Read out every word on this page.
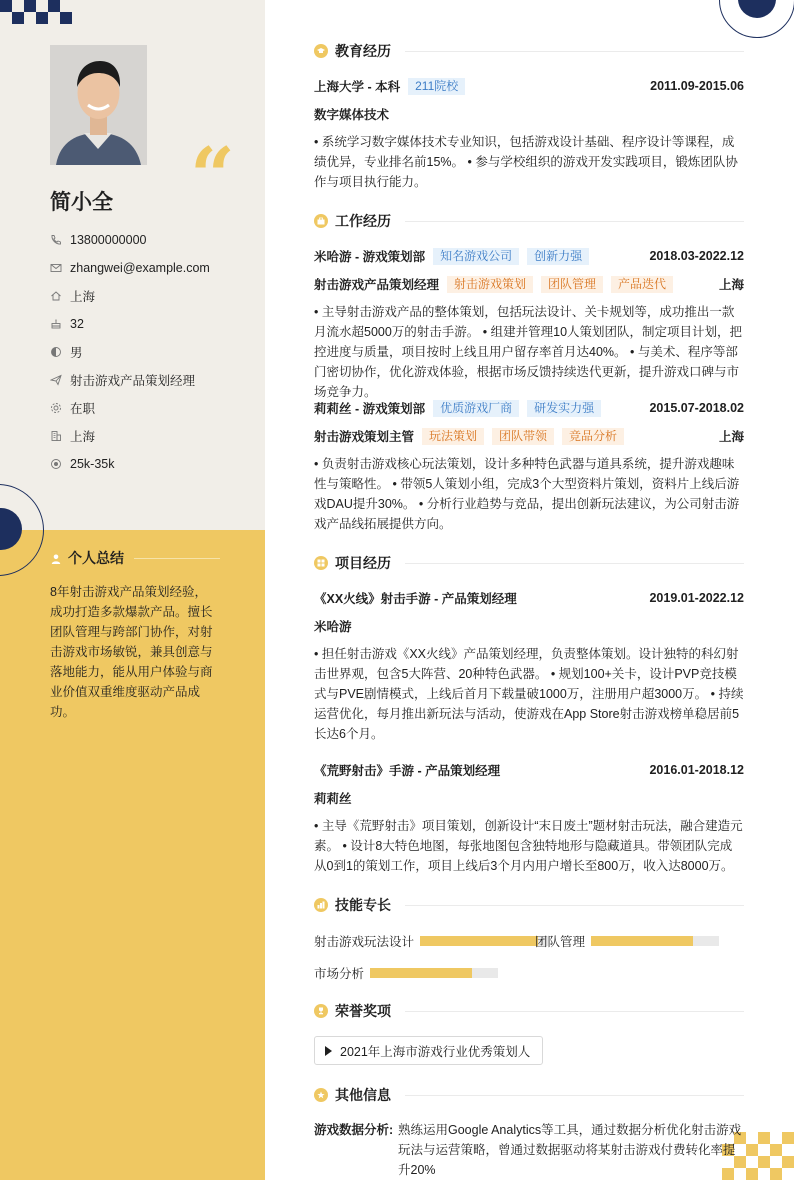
“
简小全
13800000000
zhangwei@example.com
上海
32
男
射击游戏产品策划经理
在职
上海
25k-35k
个人总结
8年射击游戏产品策划经验，成功打造多款爆款产品。擅长团队管理与跨部门协作，对射击游戏市场敏锐，兼具创意与落地能力，能从用户体验与商业价值双重维度驱动产品成功。
教育经历
上海大学 - 本科	211院校	2011.09-2015.06
数字媒体技术
• 系统学习数字媒体技术专业知识，包括游戏设计基础、程序设计等课程，成绩优异，专业排名前15%。 • 参与学校组织的游戏开发实践项目，锻炼团队协作与项目执行能力。
工作经历
米哈游 - 游戏策划部	知名游戏公司	创新力强	2018.03-2022.12
射击游戏产品策划经理	射击游戏策划	团队管理	产品迭代	上海
• 主导射击游戏产品的整体策划，包括玩法设计、关卡规划等，成功推出一款月流水超5000万的射击手游。 • 组建并管理10人策划团队，制定项目计划，把控进度与质量，项目按时上线且用户留存率首月达40%。 • 与美术、程序等部门密切协作，优化游戏体验，根据市场反馈持续迭代更新，提升游戏口碑与市场竞争力。
莉莉丝 - 游戏策划部	优质游戏厂商	研发实力强	2015.07-2018.02
射击游戏策划主管	玩法策划	团队带领	竞品分析	上海
• 负责射击游戏核心玩法策划，设计多种特色武器与道具系统，提升游戏趣味性与策略性。 • 带领5人策划小组，完成3个大型资料片策划，资料片上线后游戏DAU提升30%。 • 分析行业趋势与竞品，提出创新玩法建议，为公司射击游戏产品线拓展提供方向。
项目经历
《XX火线》射击手游 - 产品策划经理	2019.01-2022.12
米哈游
• 担任射击游戏《XX火线》产品策划经理，负责整体策划。设计独特的科幻射击世界观，包含5大阵营、20种特色武器。 • 规划100+关卡，设计PVP竞技模式与PVE剧情模式，上线后首月下载量破1000万，注册用户超3000万。 • 持续运营优化，每月推出新玩法与活动，使游戏在App Store射击游戏榜单稳居前5长达6个月。
《荒野射击》手游 - 产品策划经理	2016.01-2018.12
莉莉丝
• 主导《荒野射击》项目策划，创新设计“末日废土”题材射击玩法，融合建造元素。 • 设计8大特色地图，每张地图包含独特地形与隐藏道具。带领团队完成从0到1的策划工作，项目上线后3个月内用户增长至800万，收入达8000万。
技能专长
射击游戏玩法设计	团队管理
市场分析
荣誉奖项
2021年上海市游戏行业优秀策划人
其他信息
游戏数据分析: 熟练运用Google Analytics等工具，通过数据分析优化射击游戏玩法与运营策略，曾通过数据驱动将某射击游戏付费转化率提升20%
